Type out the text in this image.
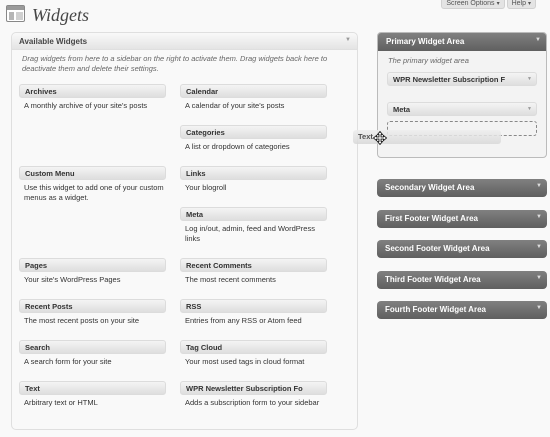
Screen Options ▾	Help ▾
Widgets
Available Widgets	▼
Drag widgets from here to a sidebar on the right to activate them. Drag widgets back here to deactivate them and delete their settings.
Archives
A monthly archive of your site's posts
Calendar
A calendar of your site's posts
Categories
A list or dropdown of categories
Custom Menu
Use this widget to add one of your custom menus as a widget.
Links
Your blogroll
Meta
Log in/out, admin, feed and WordPress links
Pages
Your site's WordPress Pages
Recent Comments
The most recent comments
Recent Posts
The most recent posts on your site
RSS
Entries from any RSS or Atom feed
Search
A search form for your site
Tag Cloud
Your most used tags in cloud format
Text
Arbitrary text or HTML
WPR Newsletter Subscription Fo
Adds a subscription form to your sidebar
Primary Widget Area	▼
The primary widget area
WPR Newsletter Subscription F	▼
Meta	▼
Secondary Widget Area	▼
First Footer Widget Area	▼
Second Footer Widget Area	▼
Third Footer Widget Area	▼
Fourth Footer Widget Area	▼
Text
